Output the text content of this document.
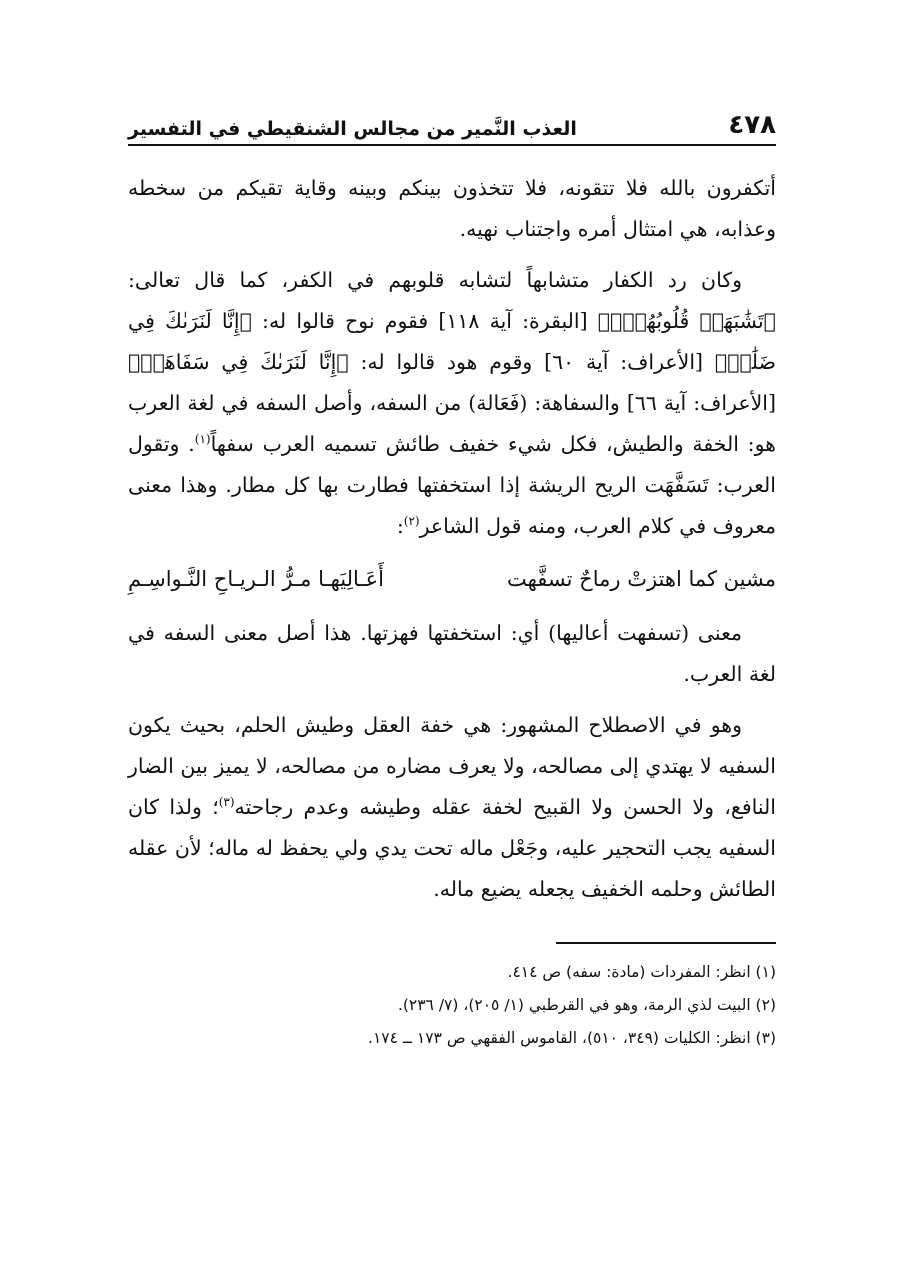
٤٧٨
العذب النَّمير من مجالس الشنقيطي في التفسير

أتكفرون بالله فلا تتقونه، فلا تتخذون بينكم وبينه وقاية تقيكم من سخطه وعذابه، هي امتثال أمره واجتناب نهيه.

وكان رد الكفار متشابهاً لتشابه قلوبهم في الكفر، كما قال تعالى: ﴿تَشَٰبَهَتۡ قُلُوبُهُمۡۗ﴾ [البقرة: آية ١١٨] فقوم نوح قالوا له: ﴿إِنَّا لَنَرَىٰكَ فِي ضَلَٰلٖ﴾ [الأعراف: آية ٦٠] وقوم هود قالوا له: ﴿إِنَّا لَنَرَىٰكَ فِي سَفَاهَةٖ﴾ [الأعراف: آية ٦٦] والسفاهة: (فَعَالة) من السفه، وأصل السفه في لغة العرب هو: الخفة والطيش، فكل شيء خفيف طائش تسميه العرب سفهاً$^{(١)}$. وتقول العرب: تَسَفَّهَت الريح الريشة إذا استخفتها فطارت بها كل مطار. وهذا معنى معروف في كلام العرب، ومنه قول الشاعر$^{(٢)}$:

مشين كما اهتزتْ رماحٌ تسفَّهت
أَعَـالِيَهـا مـرُّ الـريـاحِ النَّـواسِـمِ

معنى (تسفهت أعاليها) أي: استخفتها فهزتها. هذا أصل معنى السفه في لغة العرب.

وهو في الاصطلاح المشهور: هي خفة العقل وطيش الحلم، بحيث يكون السفيه لا يهتدي إلى مصالحه، ولا يعرف مضاره من مصالحه، لا يميز بين الضار النافع، ولا الحسن ولا القبيح لخفة عقله وطيشه وعدم رجاحته$^{(٣)}$؛ ولذا كان السفيه يجب التحجير عليه، وجَعْل ماله تحت يدي ولي يحفظ له ماله؛ لأن عقله الطائش وحلمه الخفيف يجعله يضيع ماله.

(١) انظر: المفردات (مادة: سفه) ص ٤١٤.

(٢) البيت لذي الرمة، وهو في القرطبي (١/ ٢٠٥)، (٧/ ٢٣٦).

(٣) انظر: الكليات (٣٤٩، ٥١٠)، القاموس الفقهي ص ١٧٣ ــ ١٧٤.
